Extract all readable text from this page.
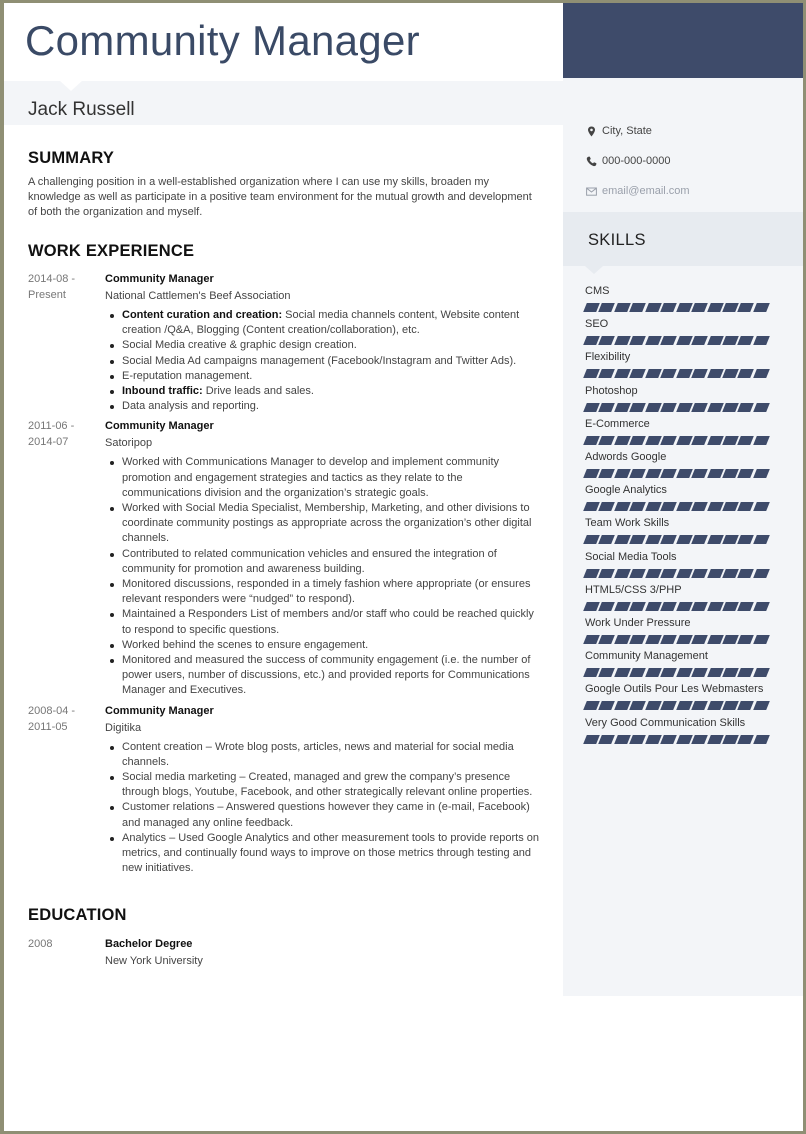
Community Manager
Jack Russell
SUMMARY

A challenging position in a well-established organization where I can use my skills, broaden my knowledge as well as participate in a positive team environment for the mutual growth and development of both the organization and myself.

WORK EXPERIENCE
2014-08 -
Present
Community Manager
National Cattlemen's Beef Association
Content curation and creation: Social media channels content, Website content creation /Q&A, Blogging (Content creation/collaboration), etc.
Social Media creative & graphic design creation.
Social Media Ad campaigns management (Facebook/Instagram and Twitter Ads).
E-reputation management.
Inbound traffic: Drive leads and sales.
Data analysis and reporting.
2011-06 -
2014-07
Community Manager
Satoripop
Worked with Communications Manager to develop and implement community promotion and engagement strategies and tactics as they relate to the communications division and the organization’s strategic goals.
Worked with Social Media Specialist, Membership, Marketing, and other divisions to coordinate community postings as appropriate across the organization’s other digital channels.
Contributed to related communication vehicles and ensured the integration of community for promotion and awareness building.
Monitored discussions, responded in a timely fashion where appropriate (or ensures relevant responders were “nudged” to respond).
Maintained a Responders List of members and/or staff who could be reached quickly to respond to specific questions.
Worked behind the scenes to ensure engagement.
Monitored and measured the success of community engagement (i.e. the number of power users, number of discussions, etc.) and provided reports for Communications Manager and Executives.
2008-04 -
2011-05
Community Manager
Digitika
Content creation – Wrote blog posts, articles, news and material for social media channels.
Social media marketing – Created, managed and grew the company’s presence through blogs, Youtube, Facebook, and other strategically relevant online properties.
Customer relations – Answered questions however they came in (e-mail, Facebook) and managed any online feedback.
Analytics – Used Google Analytics and other measurement tools to provide reports on metrics, and continually found ways to improve on those metrics through testing and new initiatives.
EDUCATION
2008	Bachelor Degree
New York University
City, State
000-000-0000
email@email.com
SKILLS
CMS
SEO
Flexibility
Photoshop
E-Commerce
Adwords Google
Google Analytics
Team Work Skills
Social Media Tools
HTML5/CSS 3/PHP
Work Under Pressure
Community Management
Google Outils Pour Les Webmasters
Very Good Communication Skills
